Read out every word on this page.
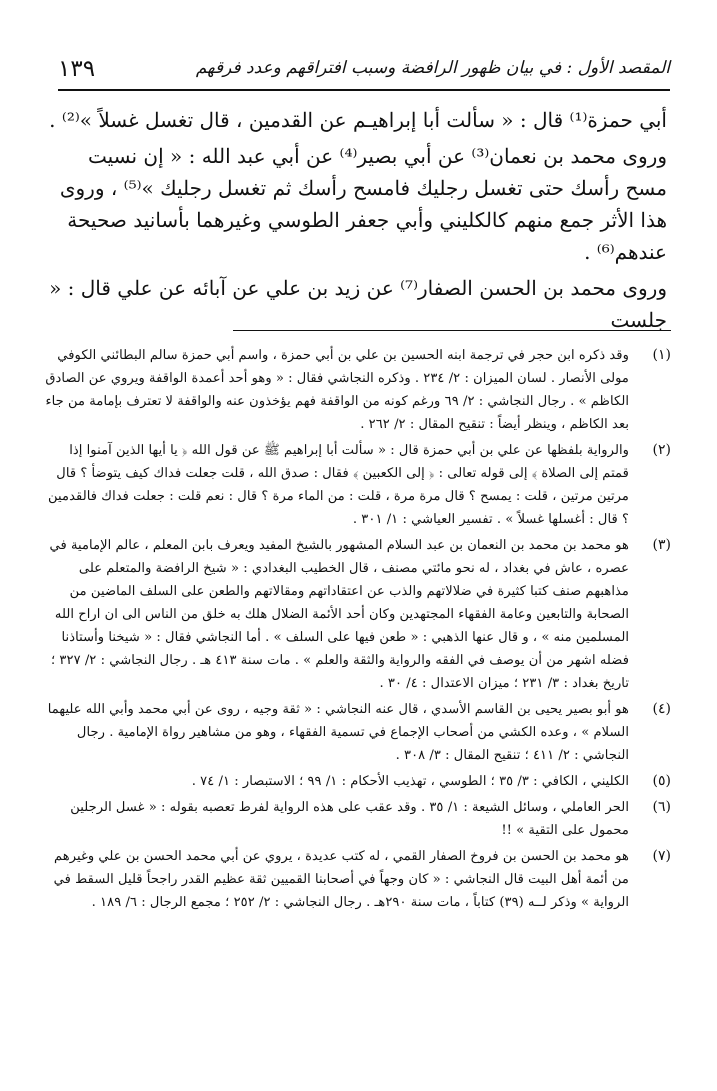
المقصد الأول : في بيان ظهور الرافضة وسبب افتراقهم وعدد فرقهم
١٣٩

أبي حمزة⁽¹⁾ قال : « سألت أبا إبراهيـم عن القدمين ، قال تغسل غسلاً »⁽²⁾ .

وروى محمد بن نعمان⁽³⁾ عن أبي بصير⁽⁴⁾ عن أبي عبد الله : « إن نسيت مسح رأسك حتى تغسل رجليك فامسح رأسك ثم تغسل رجليك »⁽⁵⁾ ، وروى هذا الأثر جمع منهم كالكليني وأبي جعفر الطوسي وغيرهما بأسانيد صحيحة عندهم⁽⁶⁾ .

وروى محمد بن الحسن الصفار⁽⁷⁾ عن زيد بن علي عن آبائه عن علي قال : « جلست

(١)
وقد ذكره ابن حجر في ترجمة ابنه الحسين بن علي بن أبي حمزة ، واسم أبي حمزة سالم البطائني الكوفي مولى الأنصار . لسان الميزان : ٢/ ٢٣٤ . وذكره النجاشي فقال : « وهو أحد أعمدة الواقفة ويروي عن الصادق الكاظم » . رجال النجاشي : ٢/ ٦٩ ورغم كونه من الواقفة فهم يؤخذون عنه والواقفة لا تعترف بإمامة من جاء بعد الكاظم ، وينظر أيضاً : تنقيح المقال : ٢/ ٢٦٢ .
(٢)
والرواية بلفظها عن علي بن أبي حمزة قال : « سألت أبا إبراهيم ﷺ عن قول الله ﴿ يا أيها الذين آمنوا إذا قمتم إلى الصلاة ﴾ إلى قوله تعالى : ﴿ إلى الكعبين ﴾ فقال : صدق الله ، قلت جعلت فداك كيف يتوضأ ؟ قال مرتين مرتين ، قلت : يمسح ؟ قال مرة مرة ، قلت : من الماء مرة ؟ قال : نعم قلت : جعلت فداك فالقدمين ؟ قال : أغسلها غسلاً » . تفسير العياشي : ١/ ٣٠١ .
(٣)
هو محمد بن محمد بن النعمان بن عبد السلام المشهور بالشيخ المفيد ويعرف بابن المعلم ، عالم الإمامية في عصره ، عاش في بغداد ، له نحو مائتي مصنف ، قال الخطيب البغدادي : « شيخ الرافضة والمتعلم على مذاهبهم صنف كتبا كثيرة في ضلالاتهم والذب عن اعتقاداتهم ومقالاتهم والطعن على السلف الماضين من الصحابة والتابعين وعامة الفقهاء المجتهدين وكان أحد الأئمة الضلال هلك به خلق من الناس الى ان اراح الله المسلمين منه » ، و قال عنها الذهبي : « طعن فيها على السلف » . أما النجاشي فقال : « شيخنا وأستاذنا فضله اشهر من أن يوصف في الفقه والرواية والثقة والعلم » . مات سنة ٤١٣ هـ . رجال النجاشي : ٢/ ٣٢٧ ؛ تاريخ بغداد : ٣/ ٢٣١ ؛ ميزان الاعتدال : ٤/ ٣٠ .
(٤)
هو أبو بصير يحيى بن القاسم الأسدي ، قال عنه النجاشي : « ثقة وجيه ، روى عن أبي محمد وأبي الله عليهما السلام » ، وعده الكشي من أصحاب الإجماع في تسمية الفقهاء ، وهو من مشاهير رواة الإمامية . رجال النجاشي : ٢/ ٤١١ ؛ تنقيح المقال : ٣/ ٣٠٨ .
(٥)
الكليني ، الكافي : ٣/ ٣٥ ؛ الطوسي ، تهذيب الأحكام : ١/ ٩٩ ؛ الاستبصار : ١/ ٧٤ .
(٦)
الحر العاملي ، وسائل الشيعة : ١/ ٣٥ . وقد عقب على هذه الرواية لفرط تعصبه بقوله : « غسل الرجلين محمول على التقية » !!
(٧)
هو محمد بن الحسن بن فروخ الصفار القمي ، له كتب عديدة ، يروي عن أبي محمد الحسن بن علي وغيرهم من أئمة أهل البيت قال النجاشي : « كان وجهاً في أصحابنا القميين ثقة عظيم القدر راجحاً قليل السقط في الرواية » وذكر لــه (٣٩) كتاباً ، مات سنة ٢٩٠هـ . رجال النجاشي : ٢/ ٢٥٢ ؛ مجمع الرجال : ٦/ ١٨٩ .
